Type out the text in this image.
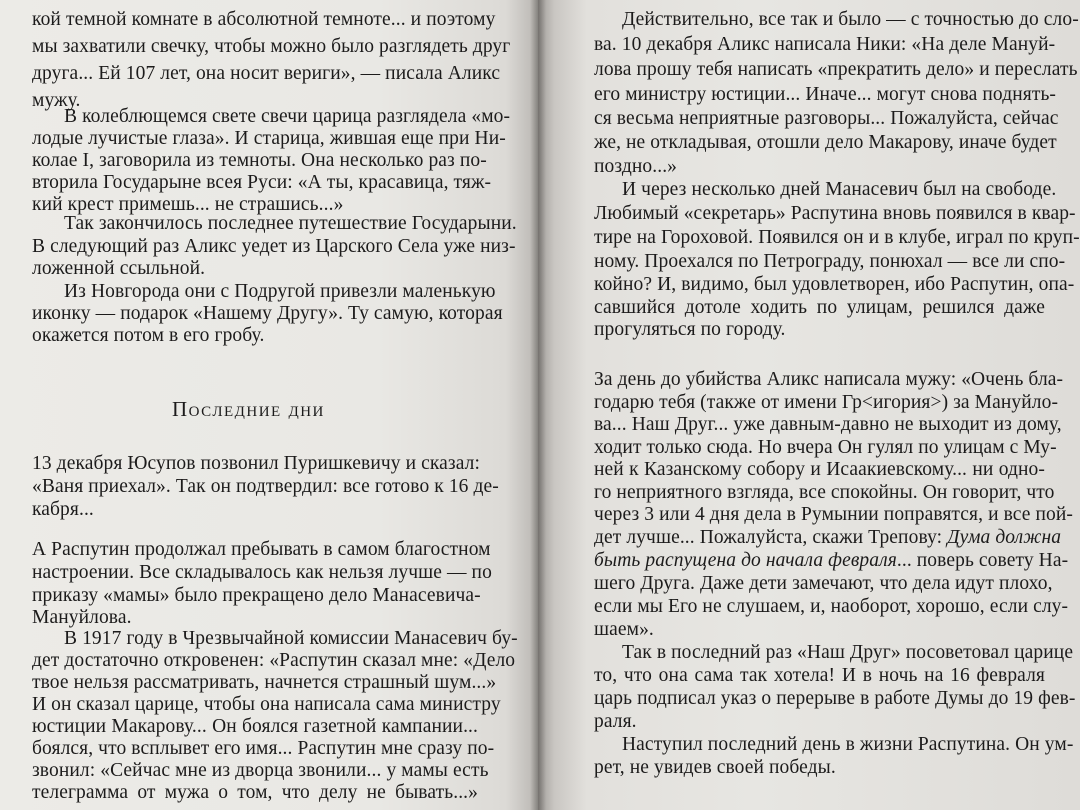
кой темной комнате в абсолютной темноте... и поэтому
мы захватили свечку, чтобы можно было разглядеть друг
друга... Ей 107 лет, она носит вериги», — писала Аликс
мужу.
В колеблющемся свете свечи царица разглядела «мо-
лодые лучистые глаза». И старица, жившая еще при Ни-
колае I, заговорила из темноты. Она несколько раз по-
вторила Государыне всея Руси: «А ты, красавица, тяж-
кий крест примешь... не страшись...»
Так закончилось последнее путешествие Государыни.
В следующий раз Аликс уедет из Царского Села уже низ-
ложенной ссыльной.
Из Новгорода они с Подругой привезли маленькую
иконку — подарок «Нашему Другу». Ту самую, которая
окажется потом в его гробу.
Последние дни
13 декабря Юсупов позвонил Пуришкевичу и сказал:
«Ваня приехал». Так он подтвердил: все готово к 16 де-
кабря...
А Распутин продолжал пребывать в самом благостном
настроении. Все складывалось как нельзя лучше — по
приказу «мамы» было прекращено дело Манасевича-
Мануйлова.
В 1917 году в Чрезвычайной комиссии Манасевич бу-
дет достаточно откровенен: «Распутин сказал мне: «Дело
твое нельзя рассматривать, начнется страшный шум...»
И он сказал царице, чтобы она написала сама министру
юстиции Макарову... Он боялся газетной кампании...
боялся, что всплывет его имя... Распутин мне сразу по-
звонил: «Сейчас мне из дворца звонили... у мамы есть
телеграмма от мужа о том, что делу не бывать...»
Действительно, все так и было — с точностью до сло-
ва. 10 декабря Аликс написала Ники: «На деле Мануй-
лова прошу тебя написать «прекратить дело» и переслать
его министру юстиции... Иначе... могут снова поднять-
ся весьма неприятные разговоры... Пожалуйста, сейчас
же, не откладывая, отошли дело Макарову, иначе будет
поздно...»
И через несколько дней Манасевич был на свободе.
Любимый «секретарь» Распутина вновь появился в квар-
тире на Гороховой. Появился он и в клубе, играл по круп-
ному. Проехался по Петрограду, понюхал — все ли спо-
койно? И, видимо, был удовлетворен, ибо Распутин, опа-
савшийся дотоле ходить по улицам, решился даже
прогуляться по городу.
За день до убийства Аликс написала мужу: «Очень бла-
годарю тебя (также от имени Гр<игория>) за Мануйло-
ва... Наш Друг... уже давным-давно не выходит из дому,
ходит только сюда. Но вчера Он гулял по улицам с Му-
ней к Казанскому собору и Исаакиевскому... ни одно-
го неприятного взгляда, все спокойны. Он говорит, что
через 3 или 4 дня дела в Румынии поправятся, и все пой-
дет лучше... Пожалуйста, скажи Трепову: Дума должна
быть распущена до начала февраля... поверь совету На-
шего Друга. Даже дети замечают, что дела идут плохо,
если мы Его не слушаем, и, наоборот, хорошо, если слу-
шаем».
Так в последний раз «Наш Друг» посоветовал царице
то, что она сама так хотела! И в ночь на 16 февраля
царь подписал указ о перерыве в работе Думы до 19 фев-
раля.
Наступил последний день в жизни Распутина. Он ум-
рет, не увидев своей победы.
